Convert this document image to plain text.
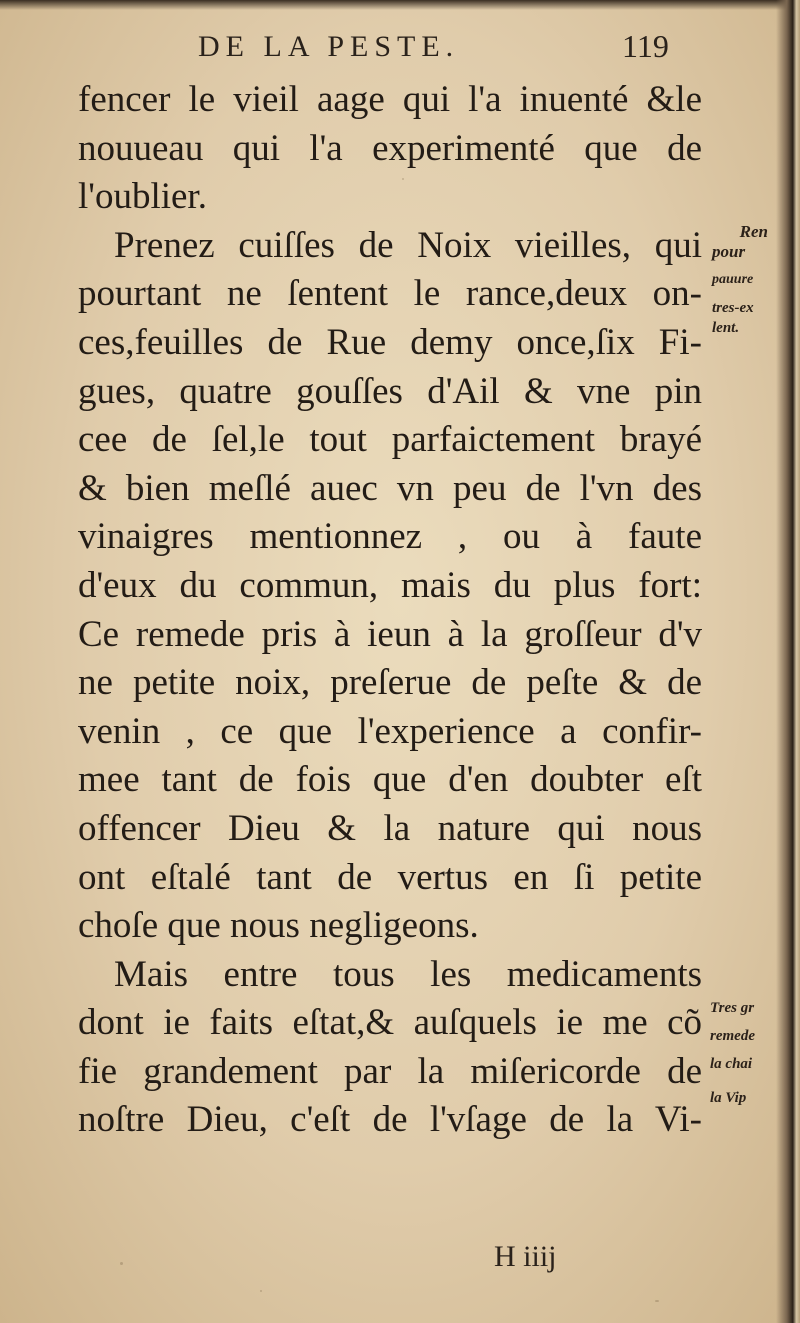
DE LA PESTE.	119
fencer le vieil aage qui l'a inuenté &le
nouueau qui l'a experimenté que de
l'oublier.
Prenez cuiſſes de Noix vieilles, qui
pourtant ne ſentent le rance,deux on-
ces,feuilles de Rue demy once,ſix Fi-
gues, quatre gouſſes d'Ail & vne pin
cee de ſel,le tout parfaictement brayé
& bien meſlé auec vn peu de l'vn des
vinaigres mentionnez , ou à faute
d'eux du commun, mais du plus fort:
Ce remede pris à ieun à la groſſeur d'v
ne petite noix, preſerue de peſte & de
venin , ce que l'experience a confir-
mee tant de fois que d'en doubter eſt
offencer Dieu & la nature qui nous
ont eſtalé tant de vertus en ſi petite
choſe que nous negligeons.
Mais entre tous les medicaments
dont ie faits eſtat,& auſquels ie me cõ
fie grandement par la miſericorde de
noſtre Dieu, c'eſt de l'vſage de la Vi-
H iiij
Ren
pour
pauure
tres-ex
lent.
Tres gr
remede
la chai
la Vip
